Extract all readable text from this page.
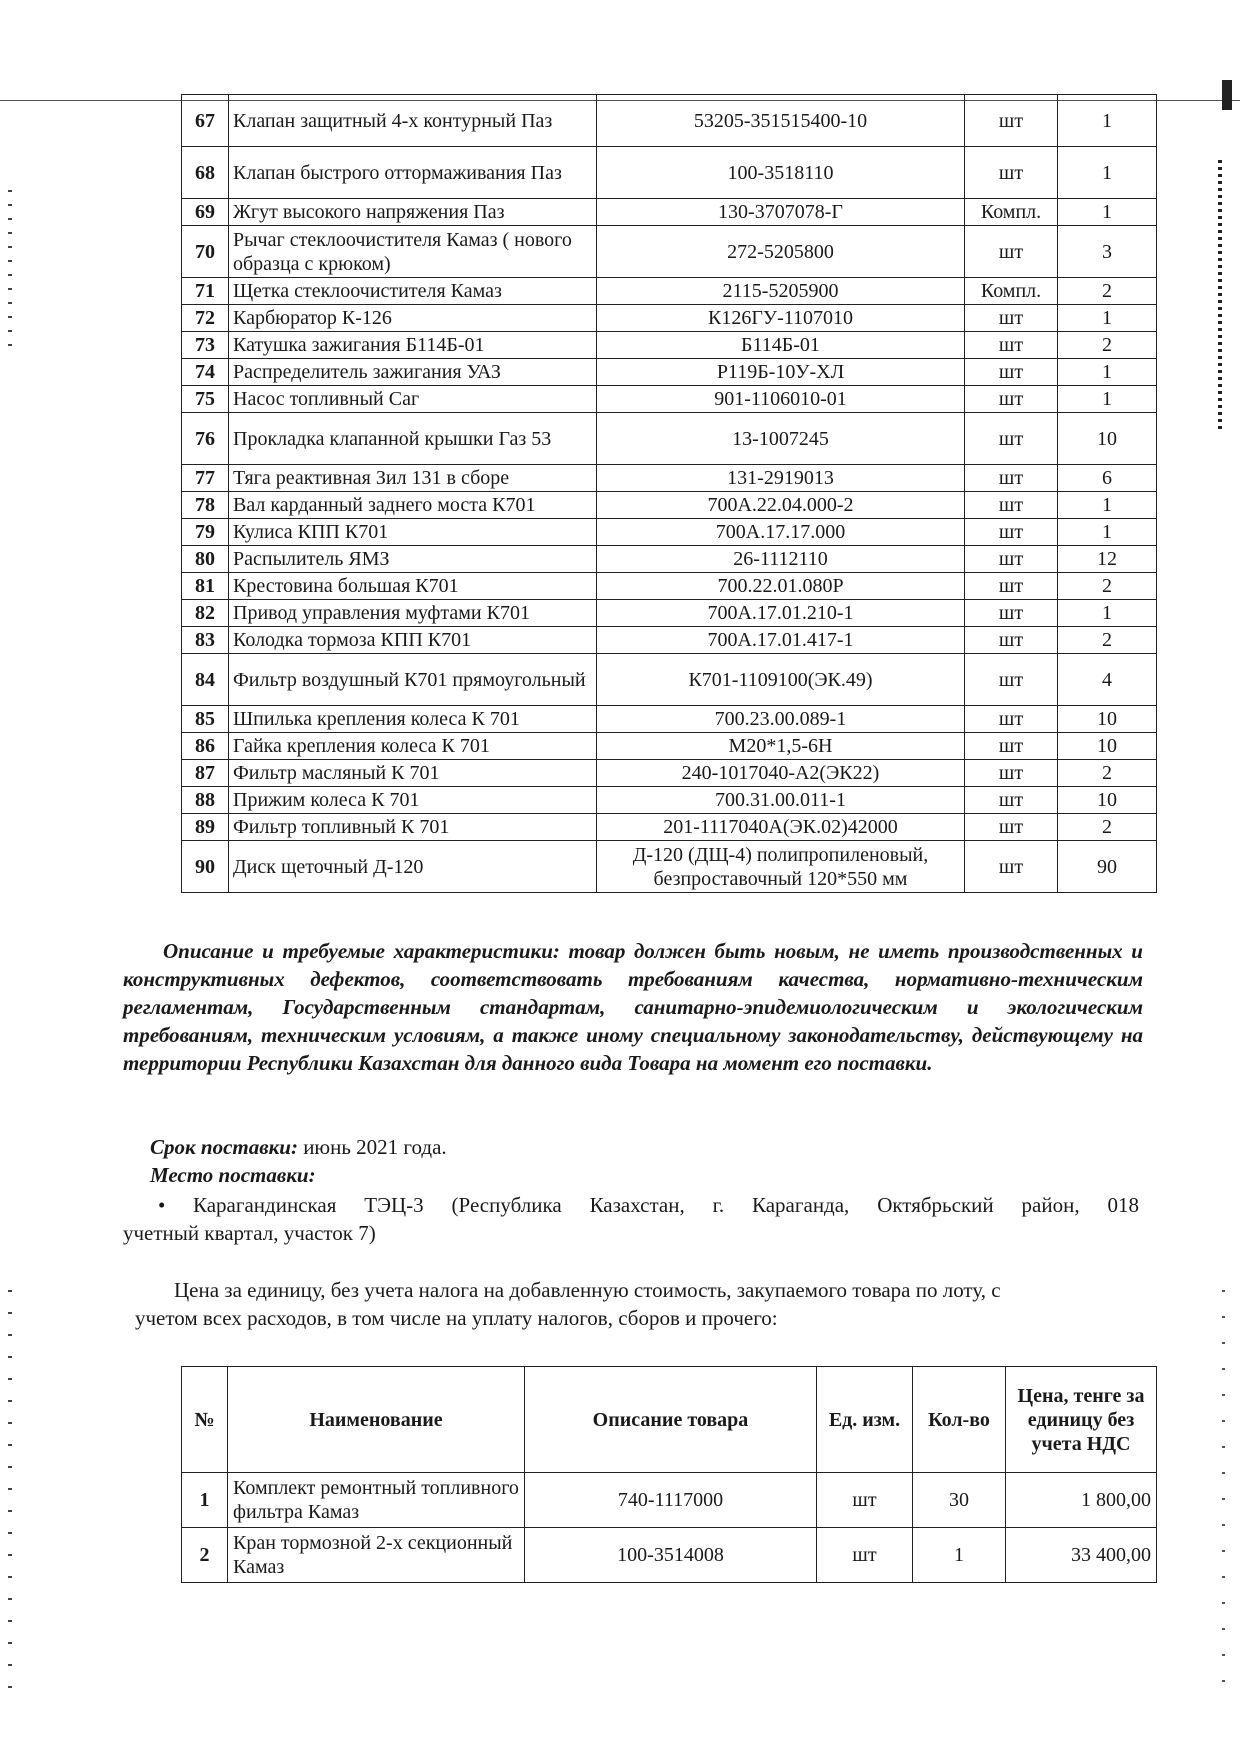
67	Клапан защитный 4-х контурный Паз	53205-351515400-10	шт	1
68	Клапан быстрого оттормаживания Паз	100-3518110	шт	1
69	Жгут высокого напряжения Паз	130-3707078-Г	Компл.	1
70	Рычаг стеклоочистителя Камаз ( нового образца с крюком)	272-5205800	шт	3
71	Щетка стеклоочистителя Камаз	2115-5205900	Компл.	2
72	Карбюратор К-126	К126ГУ-1107010	шт	1
73	Катушка зажигания Б114Б-01	Б114Б-01	шт	2
74	Распределитель зажигания УАЗ	Р119Б-10У-ХЛ	шт	1
75	Насос топливный Саг	901-1106010-01	шт	1
76	Прокладка клапанной крышки Газ 53	13-1007245	шт	10
77	Тяга реактивная Зил 131 в сборе	131-2919013	шт	6
78	Вал карданный заднего моста К701	700А.22.04.000-2	шт	1
79	Кулиса КПП К701	700А.17.17.000	шт	1
80	Распылитель ЯМЗ	26-1112110	шт	12
81	Крестовина большая К701	700.22.01.080Р	шт	2
82	Привод управления муфтами К701	700А.17.01.210-1	шт	1
83	Колодка тормоза КПП К701	700А.17.01.417-1	шт	2
84	Фильтр воздушный К701 прямоугольный	К701-1109100(ЭК.49)	шт	4
85	Шпилька крепления колеса К 701	700.23.00.089-1	шт	10
86	Гайка крепления колеса К 701	М20*1,5-6Н	шт	10
87	Фильтр масляный К 701	240-1017040-А2(ЭК22)	шт	2
88	Прижим колеса К 701	700.31.00.011-1	шт	10
89	Фильтр топливный К 701	201-1117040А(ЭК.02)42000	шт	2
90	Диск щеточный Д-120	Д-120 (ДЩ-4) полипропиленовый, безпроставочный 120*550 мм	шт	90
Описание и требуемые характеристики: товар должен быть новым, не иметь производственных и конструктивных дефектов, соответствовать требованиям качества, нормативно-техническим регламентам, Государственным стандартам, санитарно-эпидемиологическим и экологическим требованиям, техническим условиям, а также иному специальному законодательству, действующему на территории Республики Казахстан для данного вида Товара на момент его поставки.
Срок поставки: июнь 2021 года.
Место поставки:
• Карагандинская ТЭЦ-3 (Республика Казахстан, г. Караганда, Октябрьский район, 018
учетный квартал, участок 7)
Цена за единицу, без учета налога на добавленную стоимость, закупаемого товара по лоту, с
учетом всех расходов, в том числе на уплату налогов, сборов и прочего:
№	Наименование	Описание товара	Ед. изм.	Кол-во	Цена, тенге за единицу без учета НДС
1	Комплект ремонтный топливного фильтра Камаз	740-1117000	шт	30	1 800,00
2	Кран тормозной 2-х секционный Камаз	100-3514008	шт	1	33 400,00
